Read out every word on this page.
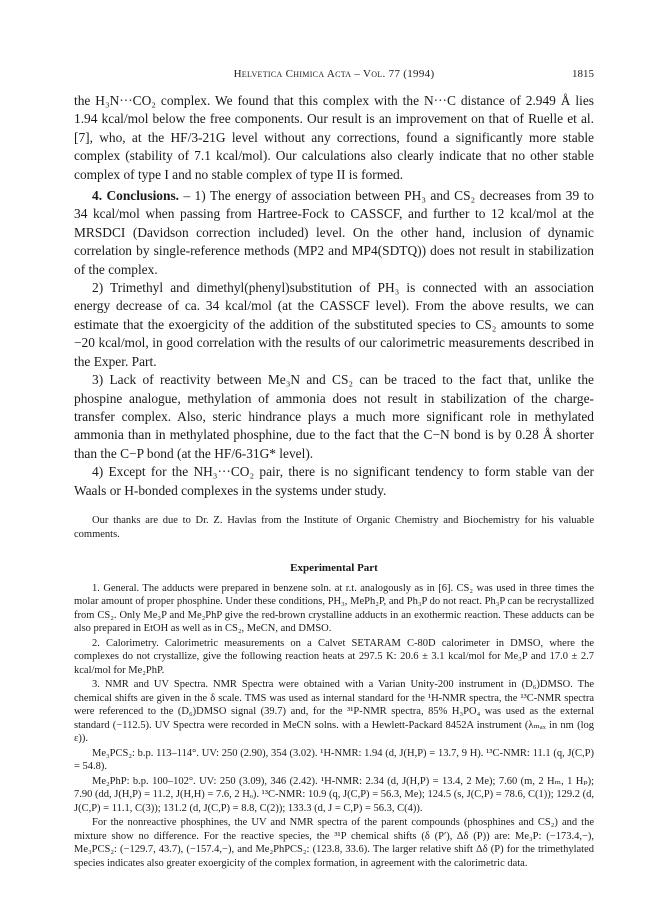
Helvetica Chimica Acta – Vol. 77 (1994)	1815

the H₃N···CO₂ complex. We found that this complex with the N···C distance of 2.949 Å lies 1.94 kcal/mol below the free components. Our result is an improvement on that of Ruelle et al. [7], who, at the HF/3-21G level without any corrections, found a significantly more stable complex (stability of 7.1 kcal/mol). Our calculations also clearly indicate that no other stable complex of type I and no stable complex of type II is formed.

4. Conclusions. – 1) The energy of association between PH₃ and CS₂ decreases from 39 to 34 kcal/mol when passing from Hartree-Fock to CASSCF, and further to 12 kcal/mol at the MRSDCI (Davidson correction included) level. On the other hand, inclusion of dynamic correlation by single-reference methods (MP2 and MP4(SDTQ)) does not result in stabilization of the complex.

2) Trimethyl and dimethyl(phenyl)substitution of PH₃ is connected with an association energy decrease of ca. 34 kcal/mol (at the CASSCF level). From the above results, we can estimate that the exoergicity of the addition of the substituted species to CS₂ amounts to some −20 kcal/mol, in good correlation with the results of our calorimetric measurements described in the Exper. Part.

3) Lack of reactivity between Me₃N and CS₂ can be traced to the fact that, unlike the phospine analogue, methylation of ammonia does not result in stabilization of the charge-transfer complex. Also, steric hindrance plays a much more significant role in methylated ammonia than in methylated phosphine, due to the fact that the C−N bond is by 0.28 Å shorter than the C−P bond (at the HF/6-31G* level).

4) Except for the NH₃···CO₂ pair, there is no significant tendency to form stable van der Waals or H-bonded complexes in the systems under study.

Our thanks are due to Dr. Z. Havlas from the Institute of Organic Chemistry and Biochemistry for his valuable comments.

Experimental Part

1. General. The adducts were prepared in benzene soln. at r.t. analogously as in [6]. CS₂ was used in three times the molar amount of proper phosphine. Under these conditions, PH₃, MePh₂P, and Ph₃P do not react. Ph₃P can be recrystallized from CS₂. Only Me₃P and Me₂PhP give the red-brown crystalline adducts in an exothermic reaction. These adducts can be also prepared in EtOH as well as in CS₂, MeCN, and DMSO.

2. Calorimetry. Calorimetric measurements on a Calvet SETARAM C-80D calorimeter in DMSO, where the complexes do not crystallize, give the following reaction heats at 297.5 K: 20.6 ± 3.1 kcal/mol for Me₃P and 17.0 ± 2.7 kcal/mol for Me₂PhP.

3. NMR and UV Spectra. NMR Spectra were obtained with a Varian Unity-200 instrument in (D₆)DMSO. The chemical shifts are given in the δ scale. TMS was used as internal standard for the ¹H-NMR spectra, the ¹³C-NMR spectra were referenced to the (D₆)DMSO signal (39.7) and, for the ³¹P-NMR spectra, 85% H₃PO₄ was used as the external standard (−112.5). UV Spectra were recorded in MeCN solns. with a Hewlett-Packard 8452A instrument (λₘₐₓ in nm (log ε)).

Me₃PCS₂: b.p. 113–114°. UV: 250 (2.90), 354 (3.02). ¹H-NMR: 1.94 (d, J(H,P) = 13.7, 9 H). ¹³C-NMR: 11.1 (q, J(C,P) = 54.8).

Me₂PhP: b.p. 100–102°. UV: 250 (3.09), 346 (2.42). ¹H-NMR: 2.34 (d, J(H,P) = 13.4, 2 Me); 7.60 (m, 2 Hₘ, 1 Hₚ); 7.90 (dd, J(H,P) = 11.2, J(H,H) = 7.6, 2 Hₒ). ¹³C-NMR: 10.9 (q, J(C,P) = 56.3, Me); 124.5 (s, J(C,P) = 78.6, C(1)); 129.2 (d, J(C,P) = 11.1, C(3)); 131.2 (d, J(C,P) = 8.8, C(2)); 133.3 (d, J = C,P) = 56.3, C(4)).

For the nonreactive phosphines, the UV and NMR spectra of the parent compounds (phosphines and CS₂) and the mixture show no difference. For the reactive species, the ³¹P chemical shifts (δ (P′), Δδ (P)) are: Me₃P: (−173.4,−), Me₃PCS₂: (−129.7, 43.7), (−157.4,−), and Me₂PhPCS₂: (123.8, 33.6). The larger relative shift Δδ (P) for the trimethylated species indicates also greater exoergicity of the complex formation, in agreement with the calorimetric data.
